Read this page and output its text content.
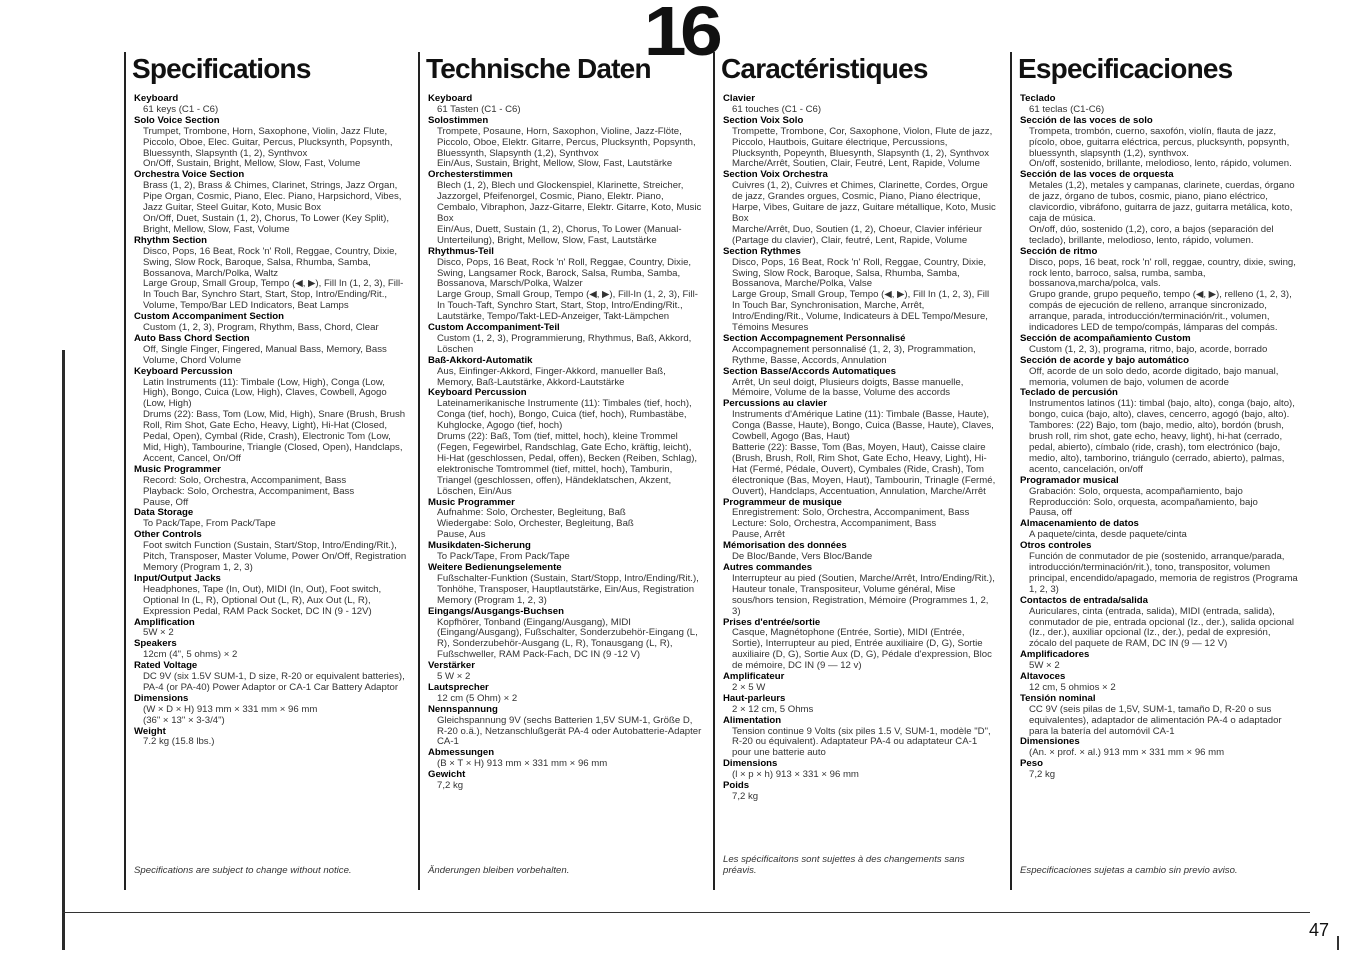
16
Specifications
Keyboard
61 keys (C1 - C6)
Solo Voice Section
Trumpet, Trombone, Horn, Saxophone, Violin, Jazz Flute, Piccolo, Oboe, Elec. Guitar, Percus, Plucksynth, Popsynth, Bluessynth, Slapsynth (1, 2), Synthvox
On/Off, Sustain, Bright, Mellow, Slow, Fast, Volume
Orchestra Voice Section
Brass (1, 2), Brass & Chimes, Clarinet, Strings, Jazz Organ, Pipe Organ, Cosmic, Piano, Elec. Piano, Harpsichord, Vibes, Jazz Guitar, Steel Guitar, Koto, Music Box
On/Off, Duet, Sustain (1, 2), Chorus, To Lower (Key Split), Bright, Mellow, Slow, Fast, Volume
Rhythm Section
Disco, Pops, 16 Beat, Rock 'n' Roll, Reggae, Country, Dixie, Swing, Slow Rock, Baroque, Salsa, Rhumba, Samba, Bossanova, March/Polka, Waltz
Large Group, Small Group, Tempo (◀, ▶), Fill In (1, 2, 3), Fill-In Touch Bar, Synchro Start, Start, Stop, Intro/Ending/Rit., Volume, Tempo/Bar LED Indicators, Beat Lamps
Custom Accompaniment Section
Custom (1, 2, 3), Program, Rhythm, Bass, Chord, Clear
Auto Bass Chord Section
Off, Single Finger, Fingered, Manual Bass, Memory, Bass Volume, Chord Volume
Keyboard Percussion
Latin Instruments (11): Timbale (Low, High), Conga (Low, High), Bongo, Cuica (Low, High), Claves, Cowbell, Agogo (Low, High)
Drums (22): Bass, Tom (Low, Mid, High), Snare (Brush, Brush Roll, Rim Shot, Gate Echo, Heavy, Light), Hi-Hat (Closed, Pedal, Open), Cymbal (Ride, Crash), Electronic Tom (Low, Mid, High), Tambourine, Triangle (Closed, Open), Handclaps, Accent, Cancel, On/Off
Music Programmer
Record: Solo, Orchestra, Accompaniment, Bass
Playback: Solo, Orchestra, Accompaniment, Bass
Pause, Off
Data Storage
To Pack/Tape, From Pack/Tape
Other Controls
Foot switch Function (Sustain, Start/Stop, Intro/Ending/Rit.), Pitch, Transposer, Master Volume, Power On/Off, Registration Memory (Program 1, 2, 3)
Input/Output Jacks
Headphones, Tape (In, Out), MIDI (In, Out), Foot switch, Optional In (L, R), Optional Out (L, R), Aux Out (L, R), Expression Pedal, RAM Pack Socket, DC IN (9 - 12V)
Amplification
5W × 2
Speakers
12cm (4", 5 ohms) × 2
Rated Voltage
DC 9V (six 1.5V SUM-1, D size, R-20 or equivalent batteries), PA-4 (or PA-40) Power Adaptor or CA-1 Car Battery Adaptor
Dimensions
(W × D × H) 913 mm × 331 mm × 96 mm
(36" × 13" × 3-3/4")
Weight
7.2 kg (15.8 lbs.)
Specifications are subject to change without notice.
Technische Daten
Keyboard
61 Tasten (C1 - C6)
Solostimmen
Trompete, Posaune, Horn, Saxophon, Violine, Jazz-Flöte, Piccolo, Oboe, Elektr. Gitarre, Percus, Plucksynth, Popsynth, Bluessynth, Slapsynth (1,2), Synthvox
Ein/Aus, Sustain, Bright, Mellow, Slow, Fast, Lautstärke
Orchesterstimmen
Blech (1, 2), Blech und Glockenspiel, Klarinette, Streicher, Jazzorgel, Pfeifenorgel, Cosmic, Piano, Elektr. Piano, Cembalo, Vibraphon, Jazz-Gitarre, Elektr. Gitarre, Koto, Music Box
Ein/Aus, Duett, Sustain (1, 2), Chorus, To Lower (Manual-Unterteilung), Bright, Mellow, Slow, Fast, Lautstärke
Rhythmus-Teil
Disco, Pops, 16 Beat, Rock 'n' Roll, Reggae, Country, Dixie, Swing, Langsamer Rock, Barock, Salsa, Rumba, Samba, Bossanova, Marsch/Polka, Walzer
Large Group, Small Group, Tempo (◀, ▶), Fill-In (1, 2, 3), Fill-In Touch-Taft, Synchro Start, Start, Stop, Intro/Ending/Rit., Lautstärke, Tempo/Takt-LED-Anzeiger, Takt-Lämpchen
Custom Accompaniment-Teil
Custom (1, 2, 3), Programmierung, Rhythmus, Baß, Akkord, Löschen
Baß-Akkord-Automatik
Aus, Einfinger-Akkord, Finger-Akkord, manueller Baß, Memory, Baß-Lautstärke, Akkord-Lautstärke
Keyboard Percussion
Lateinamerikanische Instrumente (11): Timbales (tief, hoch), Conga (tief, hoch), Bongo, Cuica (tief, hoch), Rumbastäbe, Kuhglocke, Agogo (tief, hoch)
Drums (22): Baß, Tom (tief, mittel, hoch), kleine Trommel (Fegen, Fegewirbel, Randschlag, Gate Echo, kräftig, leicht), Hi-Hat (geschlossen, Pedal, offen), Becken (Reiben, Schlag), elektronische Tomtrommel (tief, mittel, hoch), Tamburin, Triangel (geschlossen, offen), Händeklatschen, Akzent, Löschen, Ein/Aus
Music Programmer
Aufnahme: Solo, Orchester, Begleitung, Baß
Wiedergabe: Solo, Orchester, Begleitung, Baß
Pause, Aus
Musikdaten-Sicherung
To Pack/Tape, From Pack/Tape
Weitere Bedienungselemente
Fußschalter-Funktion (Sustain, Start/Stopp, Intro/Ending/Rit.), Tonhöhe, Transposer, Hauptlautstärke, Ein/Aus, Registration Memory (Program 1, 2, 3)
Eingangs/Ausgangs-Buchsen
Kopfhörer, Tonband (Eingang/Ausgang), MIDI (Eingang/Ausgang), Fußschalter, Sonderzubehör-Eingang (L, R), Sonderzubehör-Ausgang (L, R), Tonausgang (L, R), Fußschweller, RAM Pack-Fach, DC IN (9 -12 V)
Verstärker
5 W × 2
Lautsprecher
12 cm (5 Ohm) × 2
Nennspannung
Gleichspannung 9V (sechs Batterien 1,5V SUM-1, Größe D, R-20 o.ä.), Netzanschlußgerät PA-4 oder Autobatterie-Adapter CA-1
Abmessungen
(B × T × H) 913 mm × 331 mm × 96 mm
Gewicht
7,2 kg
Änderungen bleiben vorbehalten.
Caractéristiques
Clavier
61 touches (C1 - C6)
Section Voix Solo
Trompette, Trombone, Cor, Saxophone, Violon, Flute de jazz, Piccolo, Hautbois, Guitare électrique, Percussions, Plucksynth, Popeynth, Bluesynth, Slapsynth (1, 2), Synthvox
Marche/Arrêt, Soutien, Clair, Feutré, Lent, Rapide, Volume
Section Voix Orchestra
Cuivres (1, 2), Cuivres et Chimes, Clarinette, Cordes, Orgue de jazz, Grandes orgues, Cosmic, Piano, Piano électrique, Harpe, Vibes, Guitare de jazz, Guitare métallique, Koto, Music Box
Marche/Arrêt, Duo, Soutien (1, 2), Choeur, Clavier inférieur (Partage du clavier), Clair, feutré, Lent, Rapide, Volume
Section Rythmes
Disco, Pops, 16 Beat, Rock 'n' Roll, Reggae, Country, Dixie, Swing, Slow Rock, Baroque, Salsa, Rhumba, Samba, Bossanova, Marche/Polka, Valse
Large Group, Small Group, Tempo (◀, ▶), Fill In (1, 2, 3), Fill In Touch Bar, Synchronisation, Marche, Arrêt, Intro/Ending/Rit., Volume, Indicateurs à DEL Tempo/Mesure, Témoins Mesures
Section Accompagnement Personnalisé
Accompagnement personnalisé (1, 2, 3), Programmation, Rythme, Basse, Accords, Annulation
Section Basse/Accords Automatiques
Arrêt, Un seul doigt, Plusieurs doigts, Basse manuelle, Mémoire, Volume de la basse, Volume des accords
Percussions au clavier
Instruments d'Amérique Latine (11): Timbale (Basse, Haute), Conga (Basse, Haute), Bongo, Cuica (Basse, Haute), Claves, Cowbell, Agogo (Bas, Haut)
Batterie (22): Basse, Tom (Bas, Moyen, Haut), Caisse claire (Brush, Brush, Roll, Rim Shot, Gate Echo, Heavy, Light), Hi-Hat (Fermé, Pédale, Ouvert), Cymbales (Ride, Crash), Tom électronique (Bas, Moyen, Haut), Tambourin, Trinagle (Fermé, Ouvert), Handclaps, Accentuation, Annulation, Marche/Arrêt
Programmeur de musique
Enregistrement: Solo, Orchestra, Accompaniment, Bass
Lecture: Solo, Orchestra, Accompaniment, Bass
Pause, Arrêt
Mémorisation des données
De Bloc/Bande, Vers Bloc/Bande
Autres commandes
Interrupteur au pied (Soutien, Marche/Arrêt, Intro/Ending/Rit.), Hauteur tonale, Transpositeur, Volume général, Mise sous/hors tension, Registration, Mémoire (Programmes 1, 2, 3)
Prises d'entrée/sortie
Casque, Magnétophone (Entrée, Sortie), MIDI (Entrée, Sortie), Interrupteur au pied, Entrée auxiliaire (D, G), Sortie auxiliaire (D, G), Sortie Aux (D, G), Pédale d'expression, Bloc de mémoire, DC IN (9 — 12 v)
Amplificateur
2 × 5 W
Haut-parleurs
2 × 12 cm, 5 Ohms
Alimentation
Tension continue 9 Volts (six piles 1.5 V, SUM-1, modèle "D", R-20 ou équivalent). Adaptateur PA-4 ou adaptateur CA-1 pour une batterie auto
Dimensions
(l × p × h) 913 × 331 × 96 mm
Poids
7,2 kg
Les spécificaitons sont sujettes à des changements sans préavis.
Especificaciones
Teclado
61 teclas (C1-C6)
Sección de las voces de solo
Trompeta, trombón, cuerno, saxofón, violín, flauta de jazz, pícolo, oboe, guitarra eléctrica, percus, plucksynth, popsynth, bluessynth, slapsynth (1,2), synthvox.
On/off, sostenido, brillante, melodioso, lento, rápido, volumen.
Sección de las voces de orquesta
Metales (1,2), metales y campanas, clarinete, cuerdas, órgano de jazz, órgano de tubos, cosmic, piano, piano eléctrico, clavicordio, vibráfono, guitarra de jazz, guitarra metálica, koto, caja de música.
On/off, dúo, sostenido (1,2), coro, a bajos (separación del teclado), brillante, melodioso, lento, rápido, volumen.
Sección de ritmo
Disco, pops, 16 beat, rock 'n' roll, reggae, country, dixie, swing, rock lento, barroco, salsa, rumba, samba, bossanova,marcha/polca, vals.
Grupo grande, grupo pequeño, tempo (◀, ▶), relleno (1, 2, 3), compás de ejecución de relleno, arranque sincronizado, arranque, parada, introducción/terminación/rit., volumen, indicadores LED de tempo/compás, lámparas del compás.
Sección de acompañamiento Custom
Custom (1, 2, 3), programa, ritmo, bajo, acorde, borrado
Sección de acorde y bajo automático
Off, acorde de un solo dedo, acorde digitado, bajo manual, memoria, volumen de bajo, volumen de acorde
Teclado de percusión
Instrumentos latinos (11): timbal (bajo, alto), conga (bajo, alto), bongo, cuica (bajo, alto), claves, cencerro, agogó (bajo, alto).
Tambores: (22) Bajo, tom (bajo, medio, alto), bordón (brush, brush roll, rim shot, gate echo, heavy, light), hi-hat (cerrado, pedal, abierto), címbalo (ride, crash), tom electrónico (bajo, medio, alto), tamborino, triángulo (cerrado, abierto), palmas, acento, cancelación, on/off
Programador musical
Grabación: Solo, orquesta, acompañamiento, bajo
Reproducción: Solo, orquesta, acompañamiento, bajo
Pausa, off
Almacenamiento de datos
A paquete/cinta, desde paquete/cinta
Otros controles
Función de conmutador de pie (sostenido, arranque/parada, introducción/terminación/rit.), tono, transpositor, volumen principal, encendido/apagado, memoria de registros (Programa 1, 2, 3)
Contactos de entrada/salida
Auriculares, cinta (entrada, salida), MIDI (entrada, salida), conmutador de pie, entrada opcional (Iz., der.), salida opcional (Iz., der.), auxiliar opcional (Iz., der.), pedal de expresión, zócalo del paquete de RAM, DC IN (9 — 12 V)
Amplificadores
5W × 2
Altavoces
12 cm, 5 ohmios × 2
Tensión nominal
CC 9V (seis pilas de 1,5V, SUM-1, tamaño D, R-20 o sus equivalentes), adaptador de alimentación PA-4 o adaptador para la batería del automóvil CA-1
Dimensiones
(An. × prof. × al.) 913 mm × 331 mm × 96 mm
Peso
7,2 kg
Especificaciones sujetas a cambio sin previo aviso.
47
